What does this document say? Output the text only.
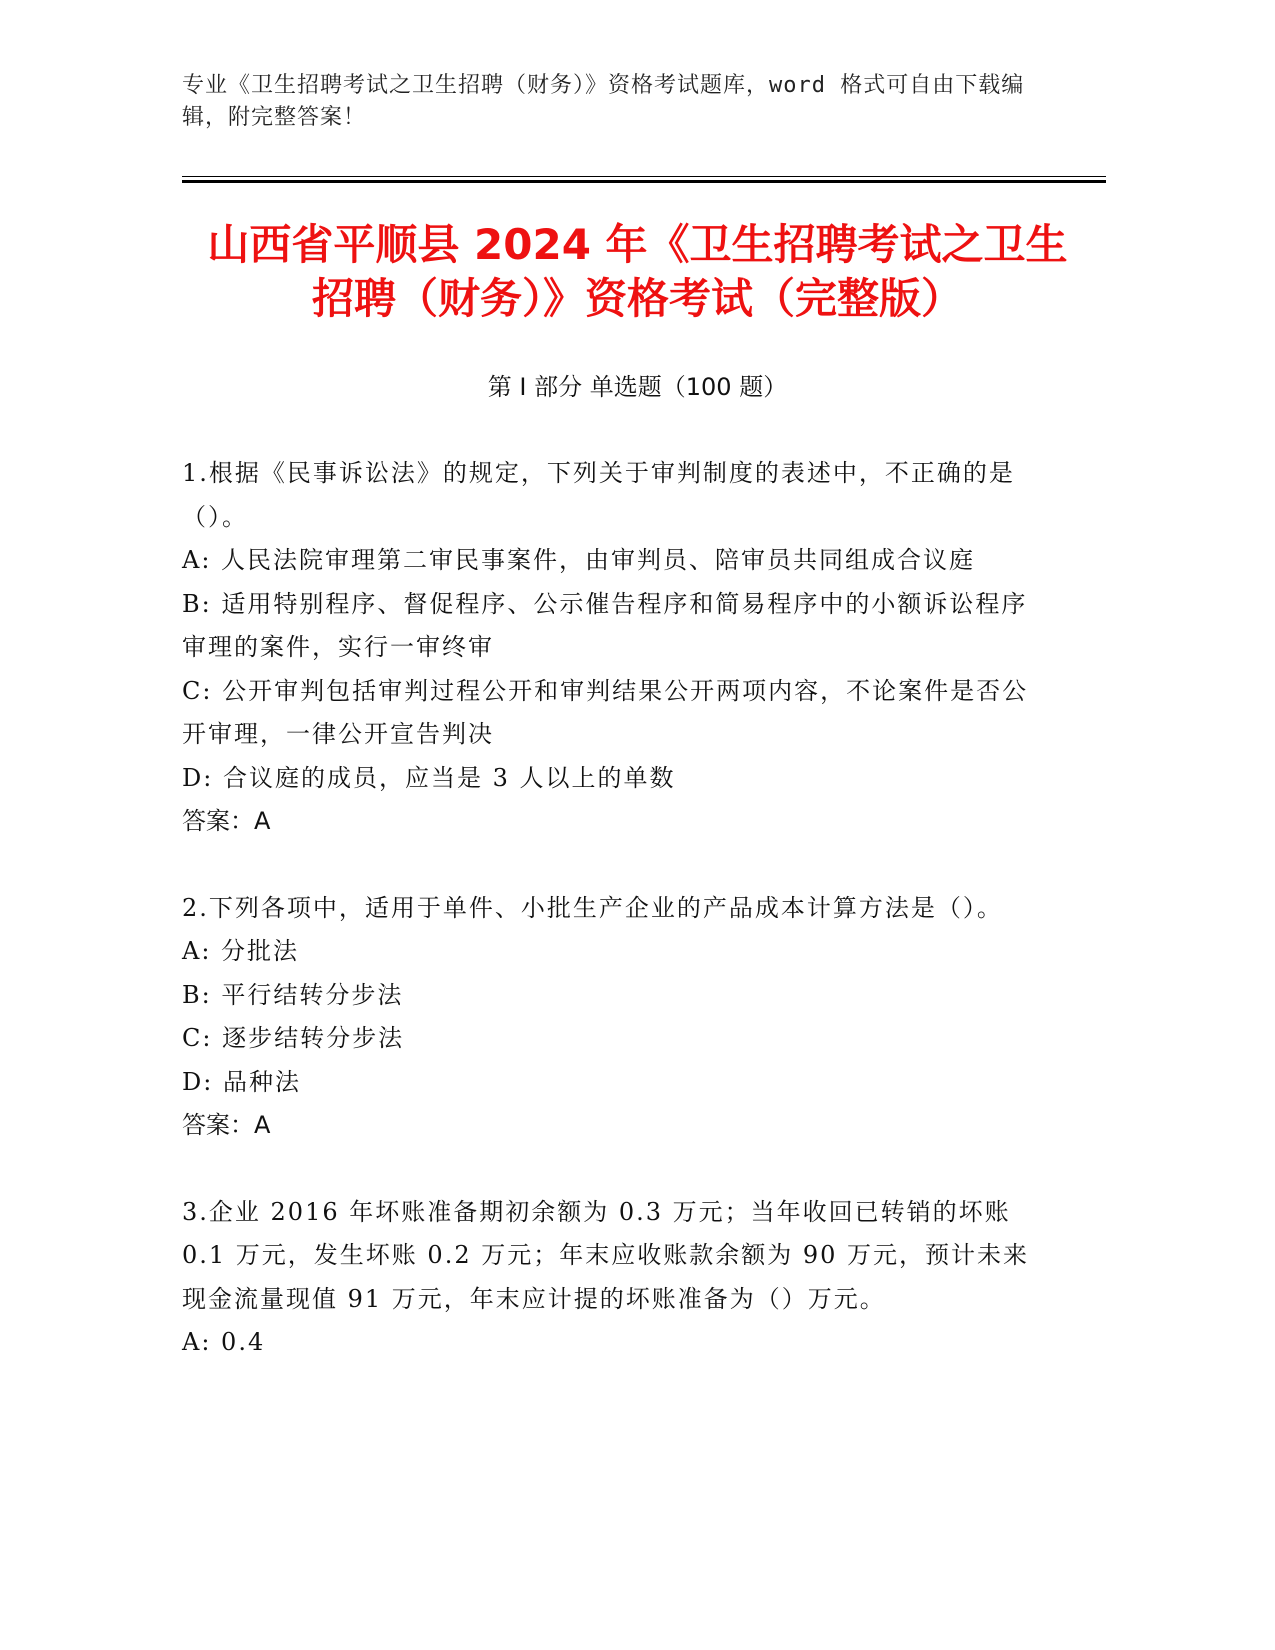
专业《卫生招聘考试之卫生招聘（财务）》资格考试题库，word 格式可自由下载编辑，附完整答案！
山西省平顺县 2024 年《卫生招聘考试之卫生
招聘（财务）》资格考试（完整版）
第 I 部分 单选题（100 题）
1.根据《民事诉讼法》的规定，下列关于审判制度的表述中，不正确的是（）。
A: 人民法院审理第二审民事案件，由审判员、陪审员共同组成合议庭
B: 适用特别程序、督促程序、公示催告程序和简易程序中的小额诉讼程序审理的案件，实行一审终审
C: 公开审判包括审判过程公开和审判结果公开两项内容，不论案件是否公开审理，一律公开宣告判决
D: 合议庭的成员，应当是 3 人以上的单数
答案：A
2.下列各项中，适用于单件、小批生产企业的产品成本计算方法是（）。
A: 分批法
B: 平行结转分步法
C: 逐步结转分步法
D: 品种法
答案：A
3.企业 2016 年坏账准备期初余额为 0.3 万元；当年收回已转销的坏账 0.1 万元，发生坏账 0.2 万元；年末应收账款余额为 90 万元，预计未来现金流量现值 91 万元，年末应计提的坏账准备为（）万元。
A: 0.4
